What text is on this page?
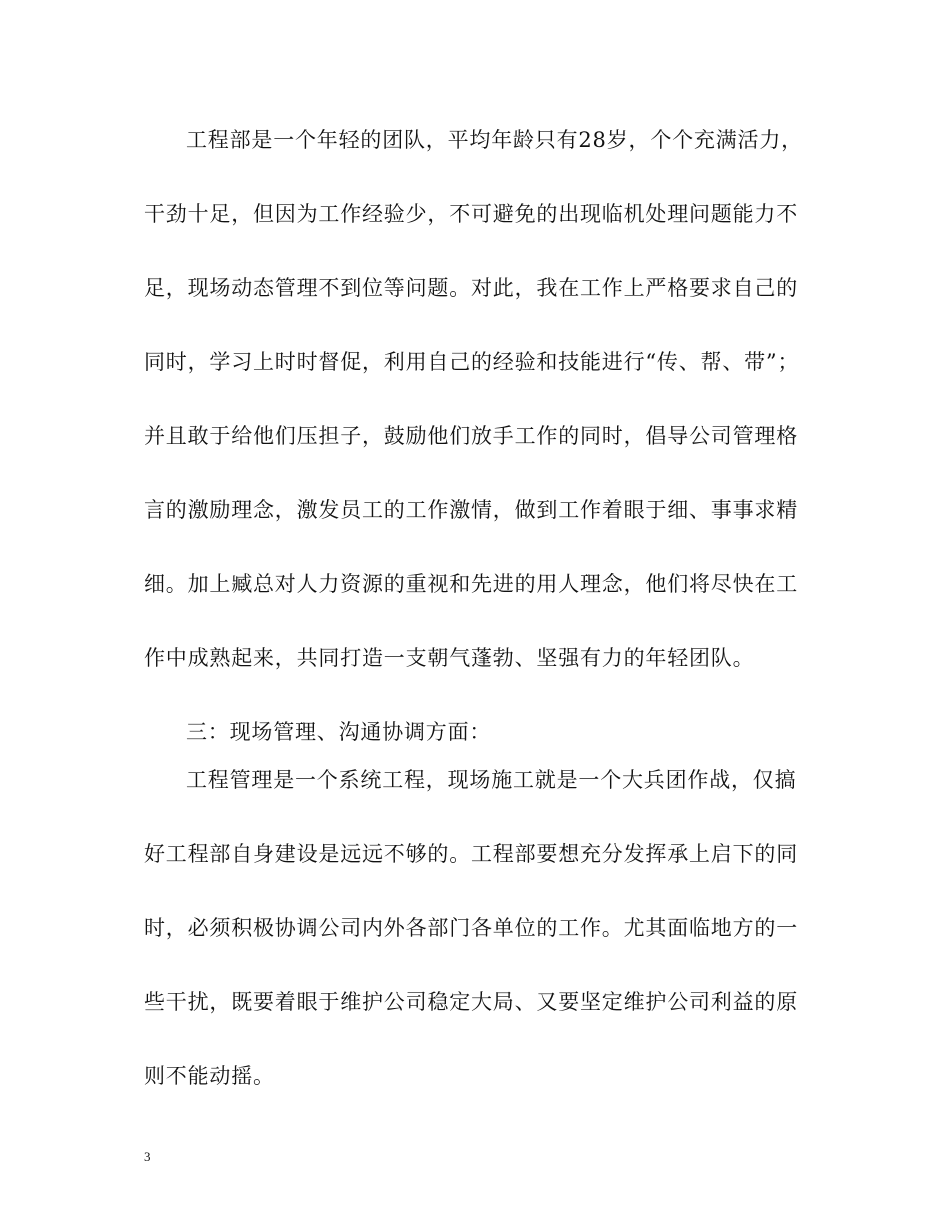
工程部是一个年轻的团队，平均年龄只有28岁，个个充满活力，
干劲十足，但因为工作经验少，不可避免的出现临机处理问题能力不
足，现场动态管理不到位等问题。对此，我在工作上严格要求自己的
同时，学习上时时督促，利用自己的经验和技能进行“传、帮、带”；
并且敢于给他们压担子，鼓励他们放手工作的同时，倡导公司管理格
言的激励理念，激发员工的工作激情，做到工作着眼于细、事事求精
细。加上臧总对人力资源的重视和先进的用人理念，他们将尽快在工
作中成熟起来，共同打造一支朝气蓬勃、坚强有力的年轻团队。
三：现场管理、沟通协调方面：
工程管理是一个系统工程，现场施工就是一个大兵团作战，仅搞
好工程部自身建设是远远不够的。工程部要想充分发挥承上启下的同
时，必须积极协调公司内外各部门各单位的工作。尤其面临地方的一
些干扰，既要着眼于维护公司稳定大局、又要坚定维护公司利益的原
则不能动摇。
3
